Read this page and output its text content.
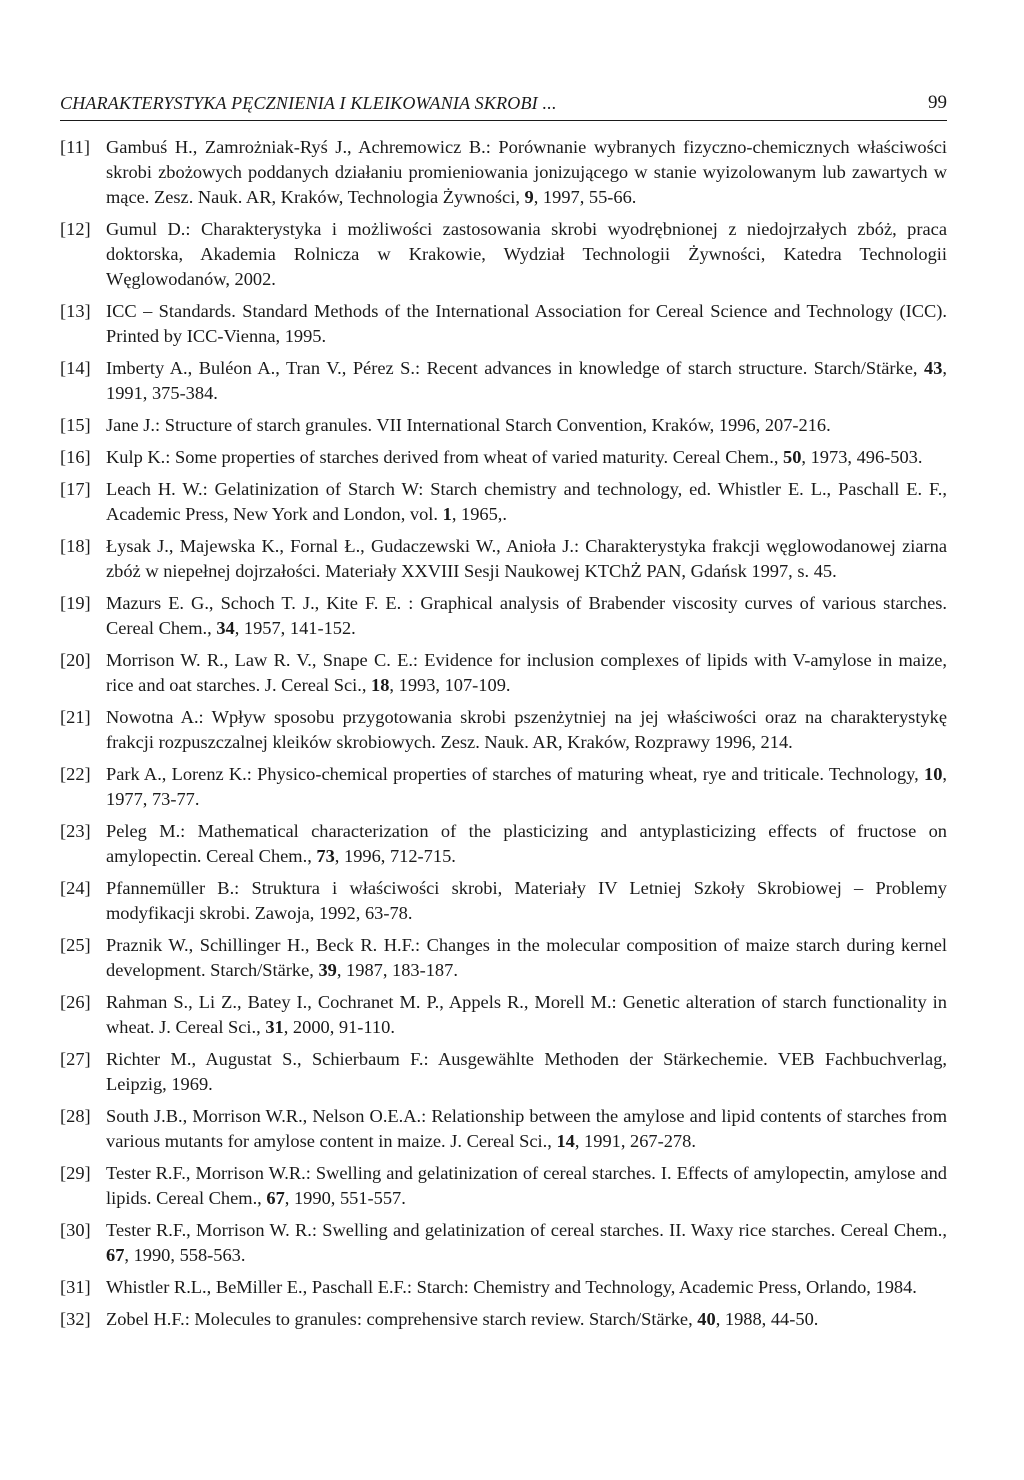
CHARAKTERYSTYKA PĘCZNIENIA I KLEIKOWANIA SKROBI ...	99
[11] Gambuś H., Zamrożniak-Ryś J., Achremowicz B.: Porównanie wybranych fizyczno-chemicznych właściwości skrobi zbożowych poddanych działaniu promieniowania jonizującego w stanie wyizolowanym lub zawartych w mące. Zesz. Nauk. AR, Kraków, Technologia Żywności, 9, 1997, 55-66.
[12] Gumul D.: Charakterystyka i możliwości zastosowania skrobi wyodrębnionej z niedojrzałych zbóż, praca doktorska, Akademia Rolnicza w Krakowie, Wydział Technologii Żywności, Katedra Technologii Węglowodanów, 2002.
[13] ICC – Standards. Standard Methods of the International Association for Cereal Science and Technology (ICC). Printed by ICC-Vienna, 1995.
[14] Imberty A., Buléon A., Tran V., Pérez S.: Recent advances in knowledge of starch structure. Starch/Stärke, 43, 1991, 375-384.
[15] Jane J.: Structure of starch granules. VII International Starch Convention, Kraków, 1996, 207-216.
[16] Kulp K.: Some properties of starches derived from wheat of varied maturity. Cereal Chem., 50, 1973, 496-503.
[17] Leach H. W.: Gelatinization of Starch W: Starch chemistry and technology, ed. Whistler E. L., Paschall E. F., Academic Press, New York and London, vol. 1, 1965,.
[18] Łysak J., Majewska K., Fornal Ł., Gudaczewski W., Anioła J.: Charakterystyka frakcji węglowodanowej ziarna zbóż w niepełnej dojrzałości. Materiały XXVIII Sesji Naukowej KTChŻ PAN, Gdańsk 1997, s. 45.
[19] Mazurs E. G., Schoch T. J., Kite F. E. : Graphical analysis of Brabender viscosity curves of various starches. Cereal Chem., 34, 1957, 141-152.
[20] Morrison W. R., Law R. V., Snape C. E.: Evidence for inclusion complexes of lipids with V-amylose in maize, rice and oat starches. J. Cereal Sci., 18, 1993, 107-109.
[21] Nowotna A.: Wpływ sposobu przygotowania skrobi pszenżytniej na jej właściwości oraz na charakterystykę frakcji rozpuszczalnej kleików skrobiowych. Zesz. Nauk. AR, Kraków, Rozprawy 1996, 214.
[22] Park A., Lorenz K.: Physico-chemical properties of starches of maturing wheat, rye and triticale. Technology, 10, 1977, 73-77.
[23] Peleg M.: Mathematical characterization of the plasticizing and antyplasticizing effects of fructose on amylopectin. Cereal Chem., 73, 1996, 712-715.
[24] Pfannemüller B.: Struktura i właściwości skrobi, Materiały IV Letniej Szkoły Skrobiowej – Problemy modyfikacji skrobi. Zawoja, 1992, 63-78.
[25] Praznik W., Schillinger H., Beck R. H.F.: Changes in the molecular composition of maize starch during kernel development. Starch/Stärke, 39, 1987, 183-187.
[26] Rahman S., Li Z., Batey I., Cochranet M. P., Appels R., Morell M.: Genetic alteration of starch functionality in wheat. J. Cereal Sci., 31, 2000, 91-110.
[27] Richter M., Augustat S., Schierbaum F.: Ausgewählte Methoden der Stärkechemie. VEB Fachbuchverlag, Leipzig, 1969.
[28] South J.B., Morrison W.R., Nelson O.E.A.: Relationship between the amylose and lipid contents of starches from various mutants for amylose content in maize. J. Cereal Sci., 14, 1991, 267-278.
[29] Tester R.F., Morrison W.R.: Swelling and gelatinization of cereal starches. I. Effects of amylopectin, amylose and lipids. Cereal Chem., 67, 1990, 551-557.
[30] Tester R.F., Morrison W. R.: Swelling and gelatinization of cereal starches. II. Waxy rice starches. Cereal Chem., 67, 1990, 558-563.
[31] Whistler R.L., BeMiller E., Paschall E.F.: Starch: Chemistry and Technology, Academic Press, Orlando, 1984.
[32] Zobel H.F.: Molecules to granules: comprehensive starch review. Starch/Stärke, 40, 1988, 44-50.
